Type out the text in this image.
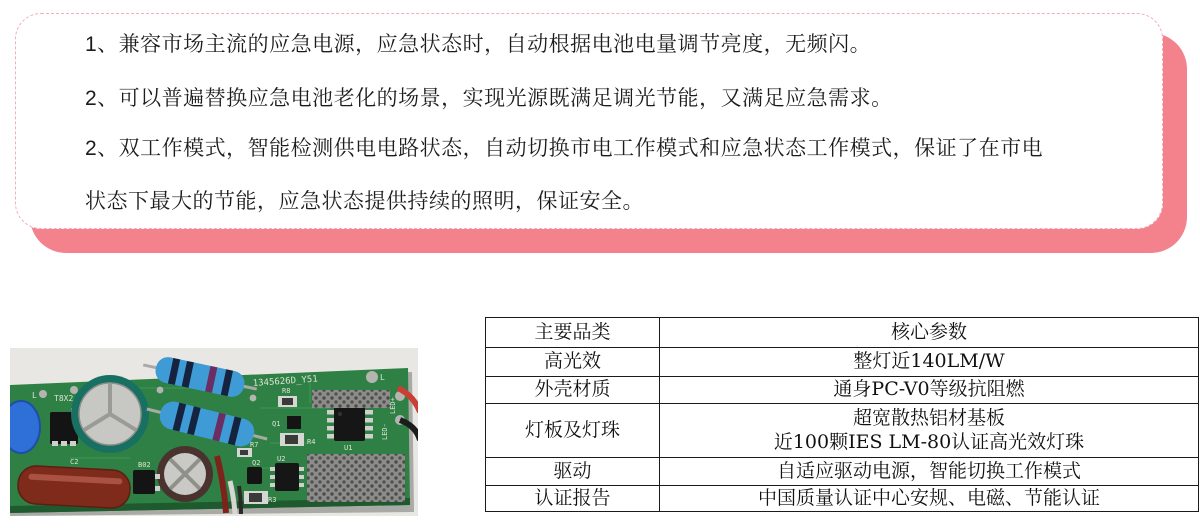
1、兼容市场主流的应急电源，应急状态时，自动根据电池电量调节亮度，无频闪。
2、可以普遍替换应急电池老化的场景，实现光源既满足调光节能，又满足应急需求。
2、双工作模式，智能检测供电电路状态，自动切换市电工作模式和应急状态工作模式，保证了在市电
状态下最大的节能，应急状态提供持续的照明，保证安全。
L T8X2
1345626D_Y51
R8
Q1
R4
U1
C2	B02
R7
Q2 U2
R3
L
LED+
LED-
主要品类	核心参数
高光效	整灯近140LM/W
外壳材质	通身PC-V0等级抗阻燃
灯板及灯珠	超宽散热铝材基板
近100颗IES LM-80认证高光效灯珠

驱动	自适应驱动电源，智能切换工作模式
认证报告	中国质量认证中心安规、电磁、节能认证
